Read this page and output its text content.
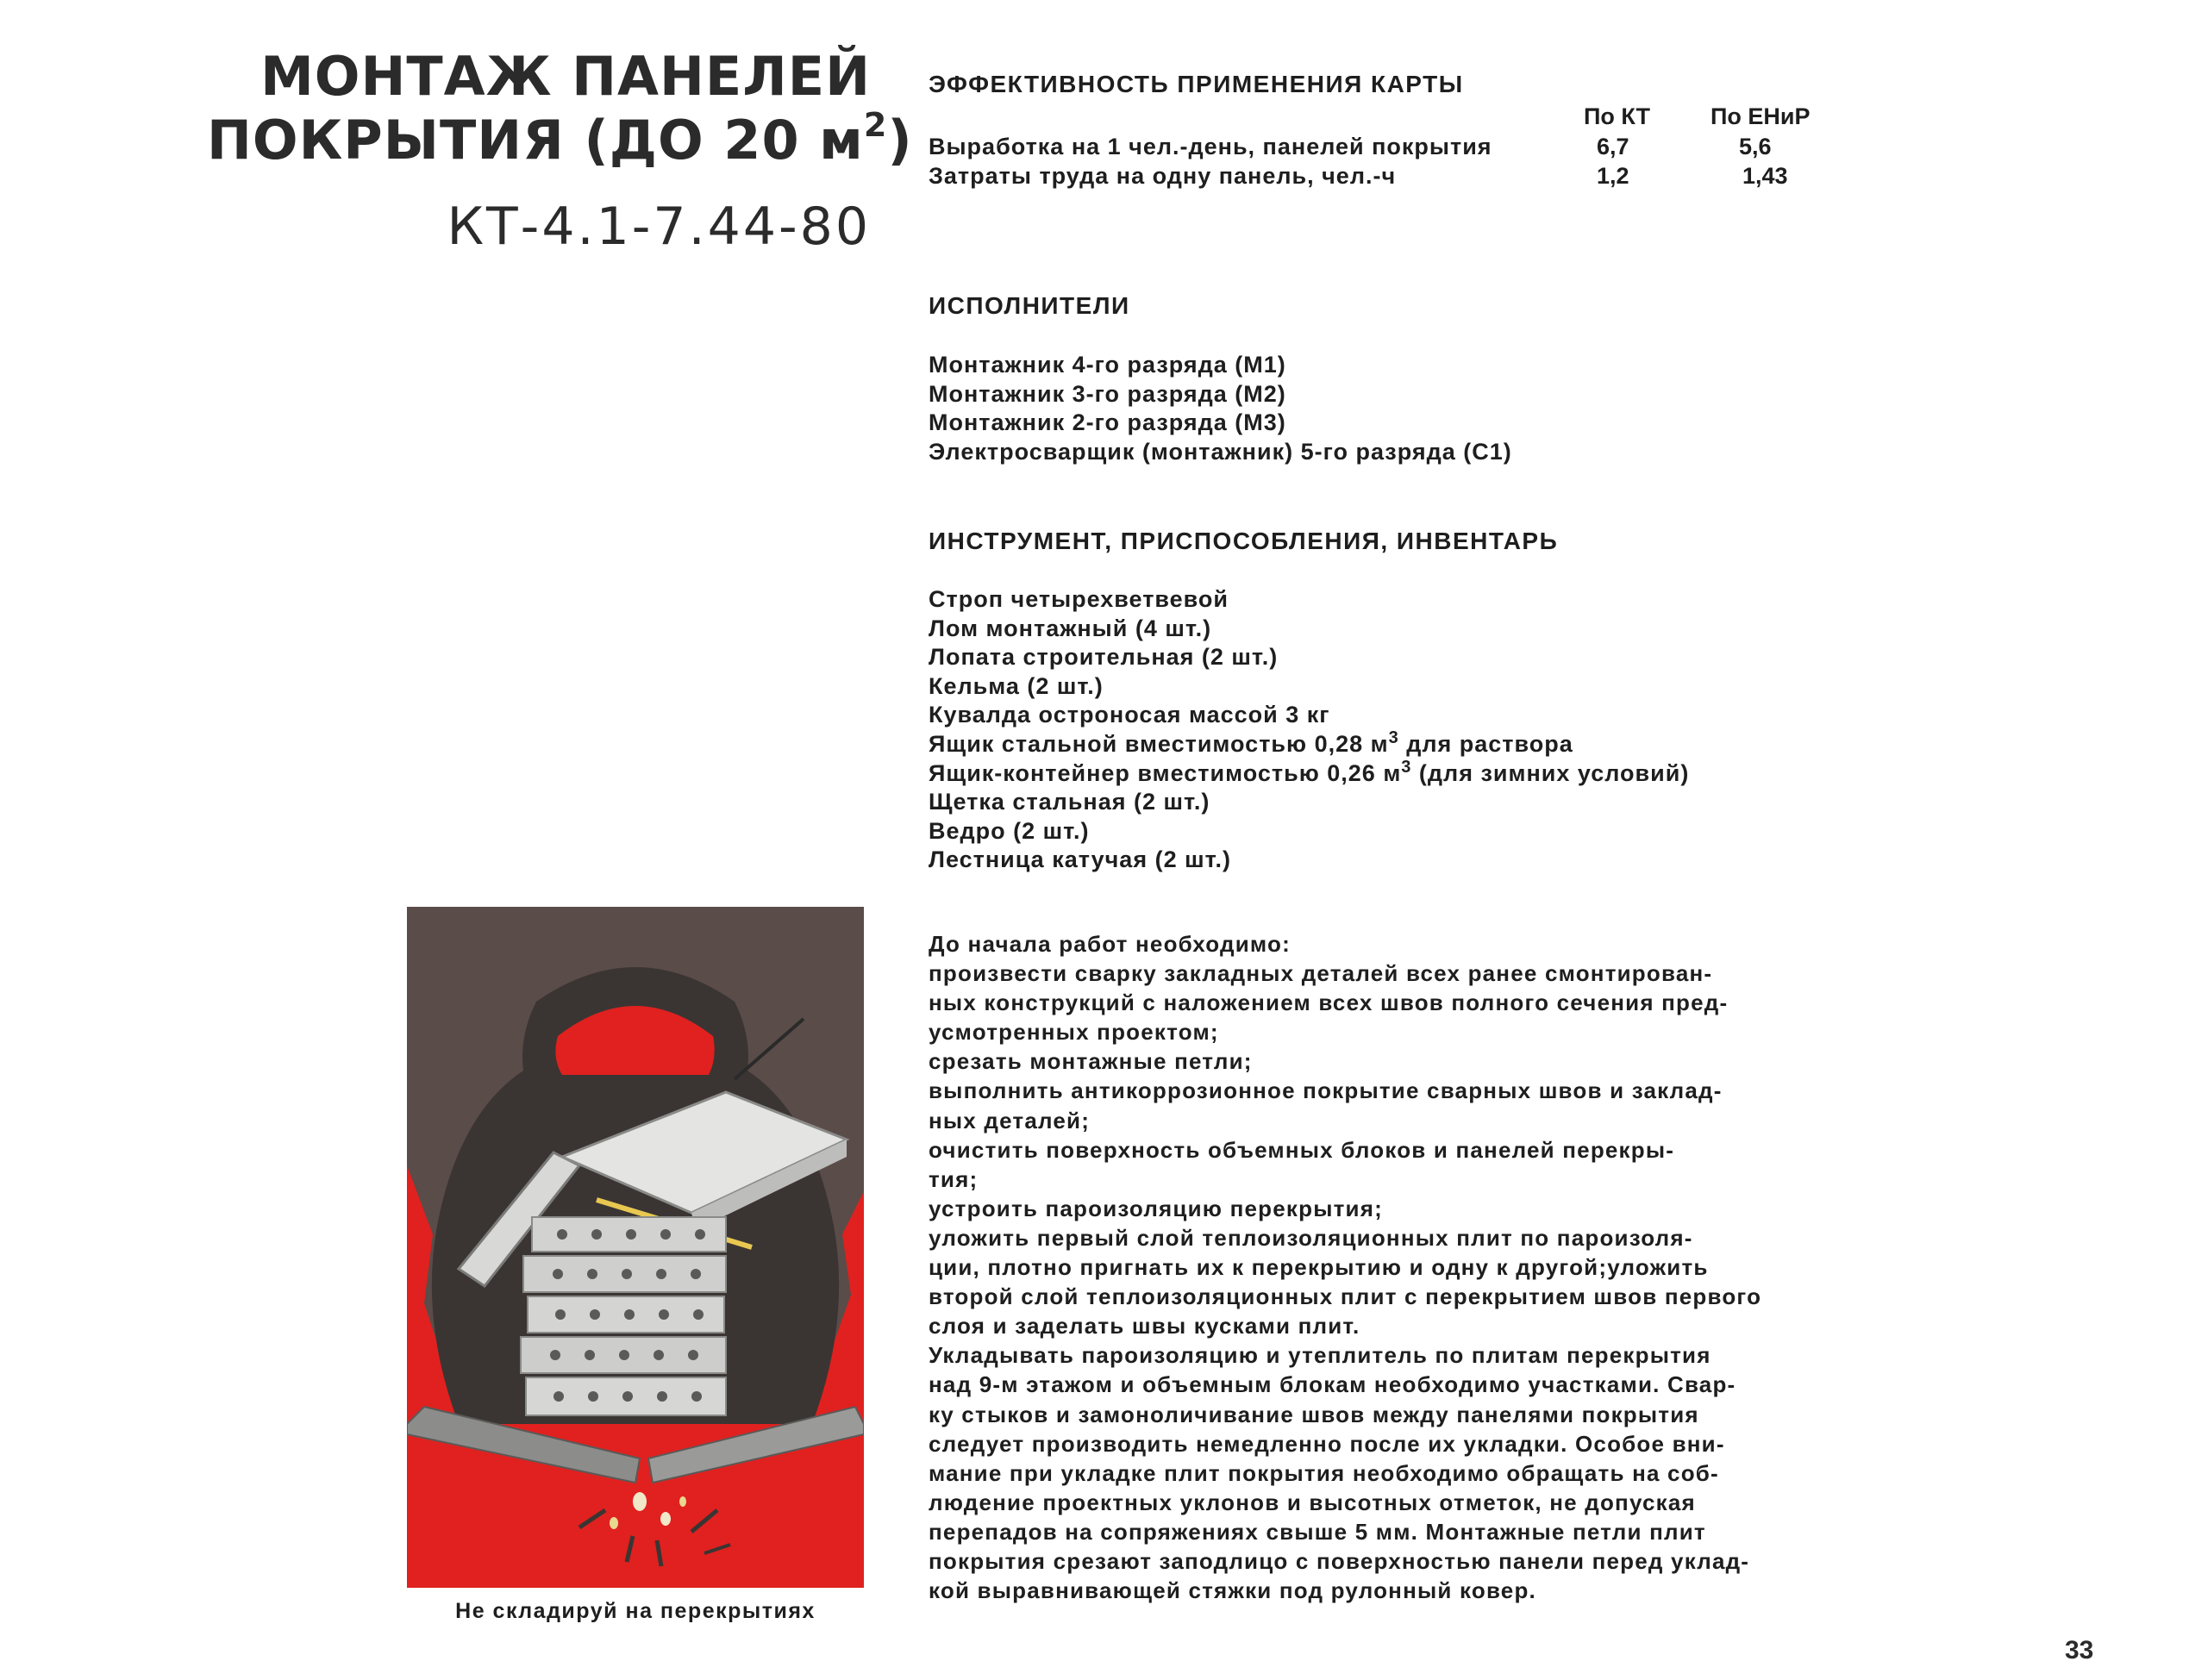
МОНТАЖ ПАНЕЛЕЙ
ПОКРЫТИЯ (ДО 20 $м^2$)
КТ-4.1-7.44-80
ЭФФЕКТИВНОСТЬ ПРИМЕНЕНИЯ КАРТЫ
По КТ	По ЕНиР
Выработка на 1 чел.-день, панелей покрытия	6,7	5,6
Затраты труда на одну панель, чел.-ч	1,2	1,43
ИСПОЛНИТЕЛИ
Монтажник 4-го разряда (М1)
Монтажник 3-го разряда (М2)
Монтажник 2-го разряда (М3)
Электросварщик (монтажник) 5-го разряда (С1)
ИНСТРУМЕНТ, ПРИСПОСОБЛЕНИЯ, ИНВЕНТАРЬ
Строп четырехветвевой
Лом монтажный (4 шт.)
Лопата строительная (2 шт.)
Кельма (2 шт.)
Кувалда остроносая массой 3 кг
Ящик стальной вместимостью 0,28 $м^3$ для раствора
Ящик-контейнер вместимостью 0,26 $м^3$ (для зимних условий)
Щетка стальная (2 шт.)
Ведро (2 шт.)
Лестница катучая (2 шт.)
До начала работ необходимо:
произвести сварку закладных деталей всех ранее смонтирован-
ных конструкций с наложением всех швов полного сечения пред-
усмотренных проектом;
срезать монтажные петли;
выполнить антикоррозионное покрытие сварных швов и заклад-
ных деталей;
очистить поверхность объемных блоков и панелей перекры-
тия;
устроить пароизоляцию перекрытия;
уложить первый слой теплоизоляционных плит по пароизоля-
ции, плотно пригнать их к перекрытию и одну к другой;уложить
второй слой теплоизоляционных плит с перекрытием швов первого
слоя и заделать швы кусками плит.
Укладывать пароизоляцию и утеплитель по плитам перекрытия
над 9-м этажом и объемным блокам необходимо участками. Свар-
ку стыков и замоноличивание швов между панелями покрытия
следует производить немедленно после их укладки. Особое вни-
мание при укладке плит покрытия необходимо обращать на соб-
людение проектных уклонов и высотных отметок, не допуская
перепадов на сопряжениях свыше 5 мм. Монтажные петли плит
покрытия срезают заподлицо с поверхностью панели перед уклад-
кой выравнивающей стяжки под рулонный ковер.
Не складируй на перекрытиях
33
